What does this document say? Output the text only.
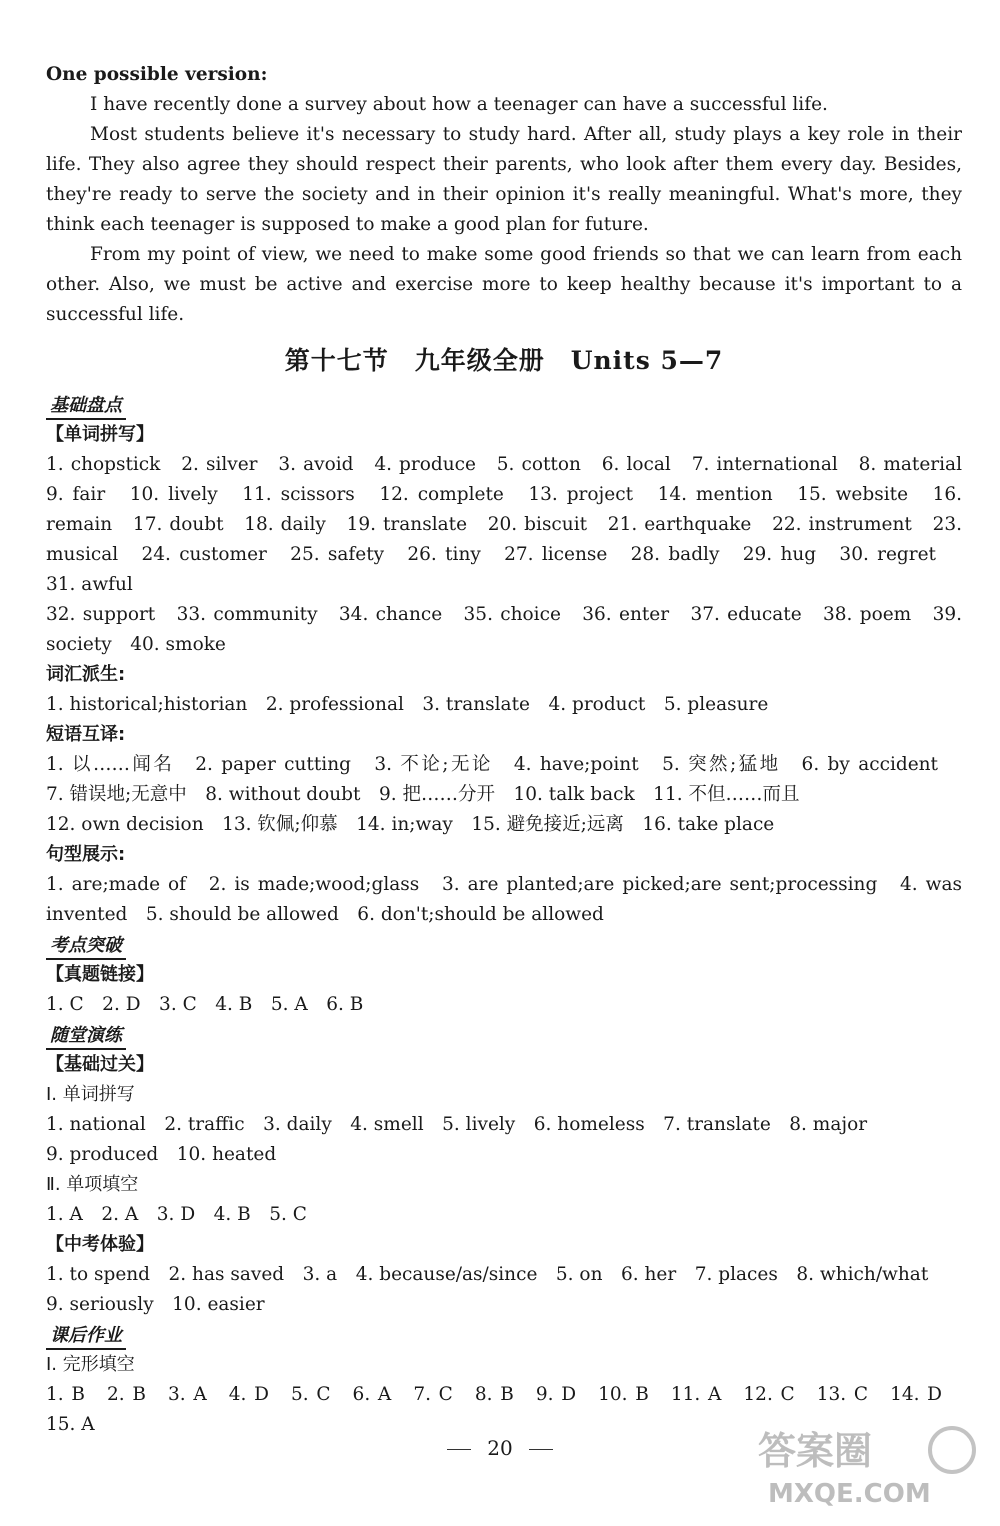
One possible version:
I have recently done a survey about how a teenager can have a successful life.
Most students believe it's necessary to study hard. After all, study plays a key role in their
life. They also agree they should respect their parents, who look after them every day. Besides,
they're ready to serve the society and in their opinion it's really meaningful. What's more, they
think each teenager is supposed to make a good plan for future.
From my point of view, we need to make some good friends so that we can learn from each
other. Also, we must be active and exercise more to keep healthy because it's important to a
successful life.
第十七节　九年级全册　Units 5—7
基础盘点
【单词拼写】
1. chopstick　2. silver　3. avoid　4. produce　5. cotton　6. local　7. international　8. material
9. fair　10. lively　11. scissors　12. complete　13. project　14. mention　15. website　16.
remain　17. doubt　18. daily　19. translate　20. biscuit　21. earthquake　22. instrument　23.
musical　24. customer　25. safety　26. tiny　27. license　28. badly　29. hug　30. regret
31. awful
32. support　33. community　34. chance　35. choice　36. enter　37. educate　38. poem　39.
society　40. smoke
词汇派生:
1. historical;historian　2. professional　3. translate　4. product　5. pleasure
短语互译:
1. 以……闻名　2. paper cutting　3. 不论;无论　4. have;point　5. 突然;猛地　6. by accident
7. 错误地;无意中　8. without doubt　9. 把……分开　10. talk back　11. 不但……而且
12. own decision　13. 钦佩;仰慕　14. in;way　15. 避免接近;远离　16. take place
句型展示:
1. are;made of　2. is made;wood;glass　3. are planted;are picked;are sent;processing　4. was
invented　5. should be allowed　6. don't;should be allowed
考点突破
【真题链接】
1. C　2. D　3. C　4. B　5. A　6. B
随堂演练
【基础过关】
Ⅰ. 单词拼写
1. national　2. traffic　3. daily　4. smell　5. lively　6. homeless　7. translate　8. major
9. produced　10. heated
Ⅱ. 单项填空
1. A　2. A　3. D　4. B　5. C
【中考体验】
1. to spend　2. has saved　3. a　4. because/as/since　5. on　6. her　7. places　8. which/what
9. seriously　10. easier
课后作业
Ⅰ. 完形填空
1. B　2. B　3. A　4. D　5. C　6. A　7. C　8. B　9. D　10. B　11. A　12. C　13. C　14. D
15. A
20	答案圈
MXQE.COM
